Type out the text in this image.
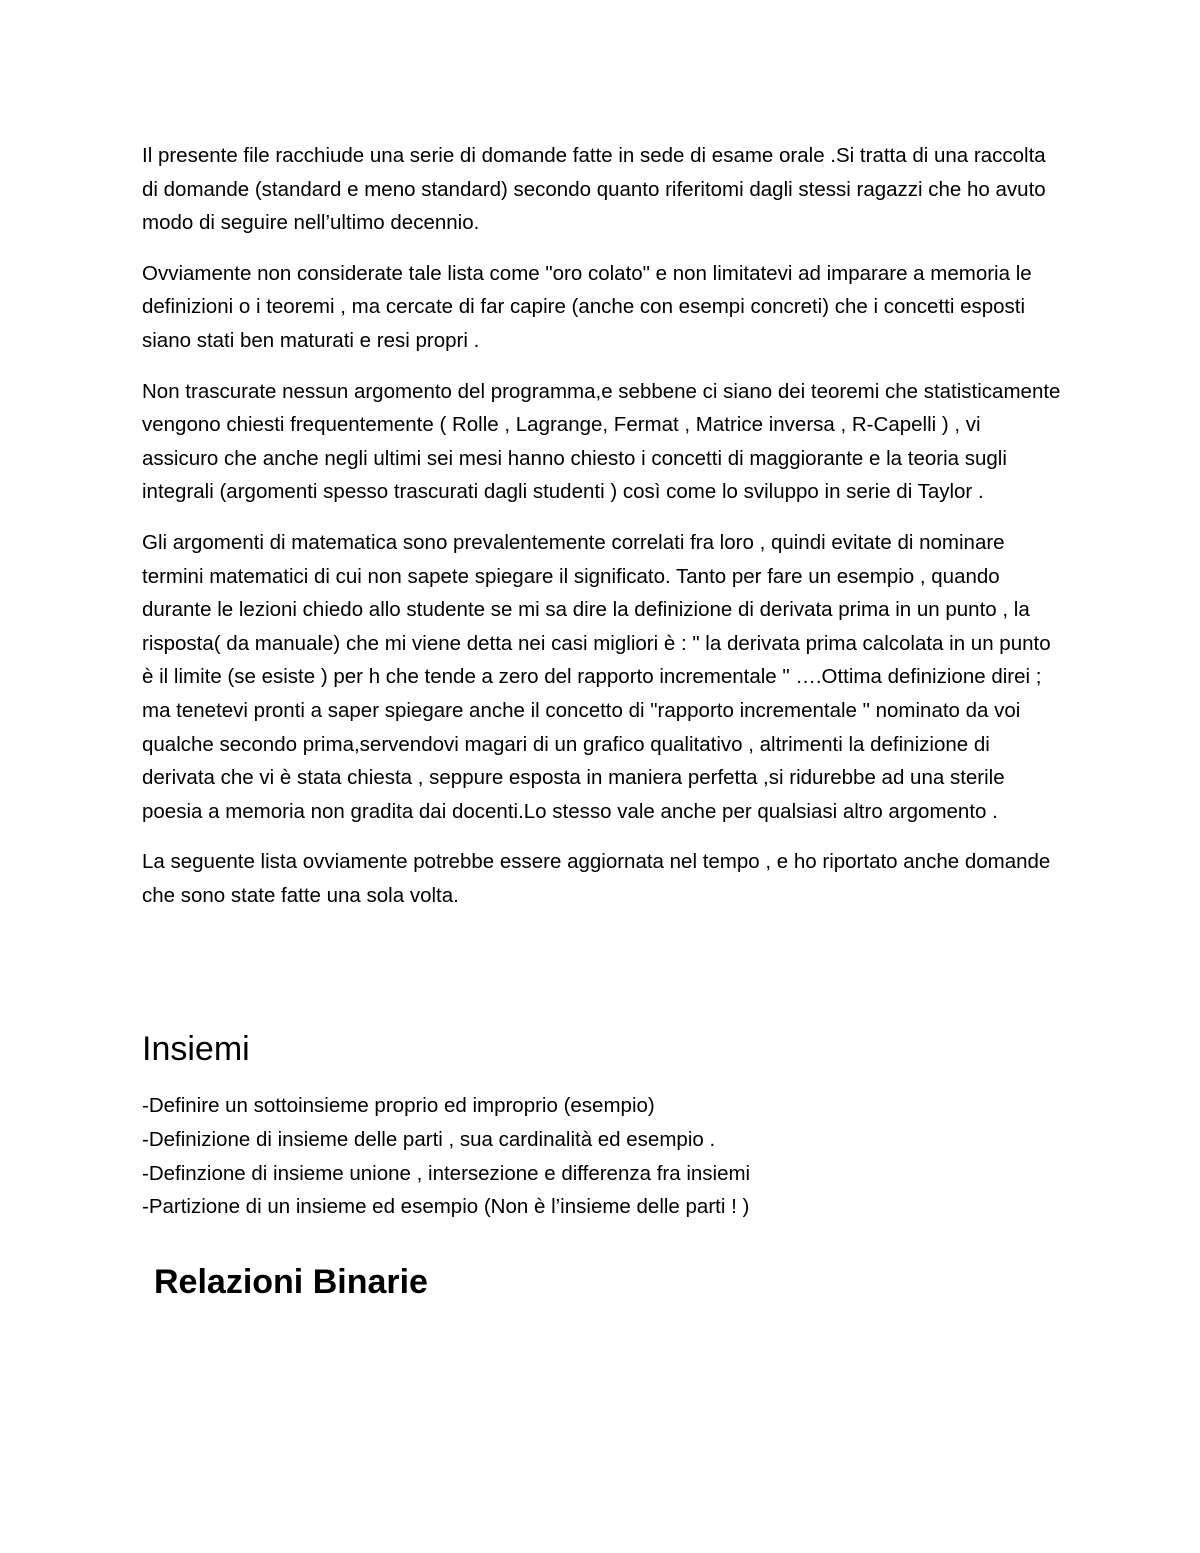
Il presente file racchiude una serie di domande fatte in sede di esame orale .Si tratta di una raccolta di domande (standard e meno standard) secondo quanto riferitomi dagli stessi ragazzi che ho avuto modo di seguire nell’ultimo decennio.

Ovviamente non considerate tale lista come "oro colato" e non limitatevi ad imparare a memoria le definizioni o i teoremi , ma cercate di far capire (anche con esempi concreti) che i concetti esposti siano stati ben maturati e resi propri .

Non trascurate nessun argomento del programma,e sebbene ci siano dei teoremi che statisticamente vengono chiesti frequentemente ( Rolle , Lagrange, Fermat , Matrice inversa , R-Capelli ) , vi assicuro che anche negli ultimi sei mesi hanno chiesto i concetti di maggiorante e la teoria sugli integrali (argomenti spesso trascurati dagli studenti ) così come lo sviluppo in serie di Taylor .

Gli argomenti di matematica sono prevalentemente correlati fra loro , quindi evitate di nominare termini matematici di cui non sapete spiegare il significato. Tanto per fare un esempio , quando durante le lezioni chiedo allo studente se mi sa dire la definizione di derivata prima in un punto , la risposta( da manuale) che mi viene detta nei casi migliori è : " la derivata prima calcolata in un punto è il limite (se esiste ) per h che tende a zero del rapporto incrementale " ….Ottima definizione direi ; ma tenetevi pronti a saper spiegare anche il concetto di "rapporto incrementale " nominato da voi qualche secondo prima,servendovi magari di un grafico qualitativo , altrimenti la definizione di derivata che vi è stata chiesta , seppure esposta in maniera perfetta ,si ridurebbe ad una sterile poesia a memoria non gradita dai docenti.Lo stesso vale anche per qualsiasi altro argomento .

La seguente lista ovviamente potrebbe essere aggiornata nel tempo , e ho riportato anche domande che sono state fatte una sola volta.

Insiemi

-Definire un sottoinsieme proprio ed improprio (esempio)

-Definizione di insieme delle parti , sua cardinalità ed esempio .

-Definzione di insieme unione , intersezione e differenza fra insiemi

-Partizione di un insieme ed esempio (Non è l’insieme delle parti ! )

Relazioni Binarie
